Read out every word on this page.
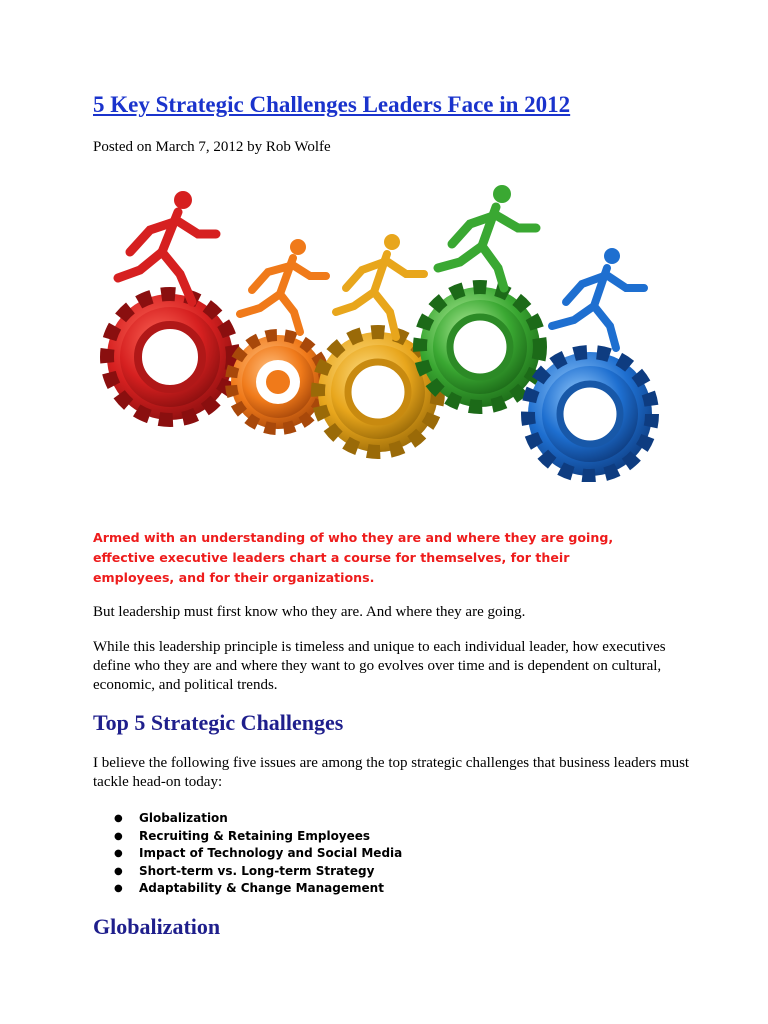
5 Key Strategic Challenges Leaders Face in 2012
Posted on March 7, 2012 by Rob Wolfe

Armed with an understanding of who they are and where they are going, effective executive leaders chart a course for themselves, for their employees, and for their organizations.

But leadership must first know who they are. And where they are going.

While this leadership principle is timeless and unique to each individual leader, how executives define who they are and where they want to go evolves over time and is dependent on cultural, economic, and political trends.

Top 5 Strategic Challenges

I believe the following five issues are among the top strategic challenges that business leaders must tackle head-on today:

● Globalization
● Recruiting & Retaining Employees
● Impact of Technology and Social Media
● Short-term vs. Long-term Strategy
● Adaptability & Change Management
Globalization
